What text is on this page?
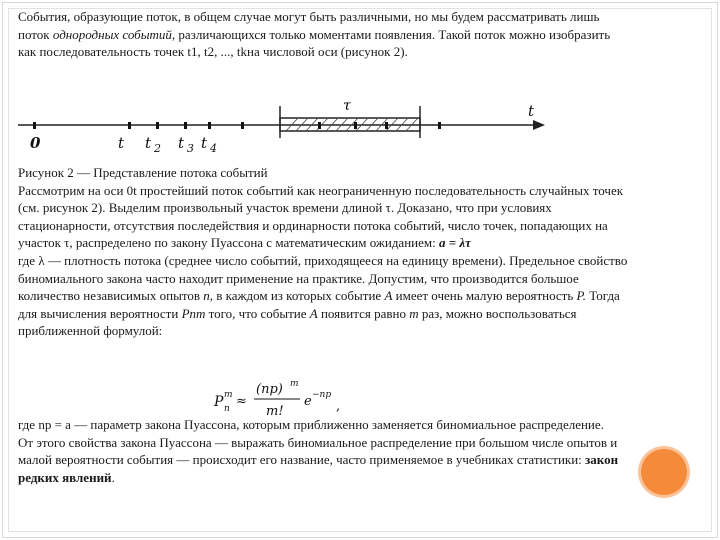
События, образующие поток, в общем случае могут быть различными, но мы будем рассматривать лишь поток однородных событий, различающихся только моментами появления. Такой поток можно изобразить как последовательность точек t1, t2, ..., tkна числовой оси (рисунок 2).

τ
0	t t 2 t 3 t 4
t

Рисунок 2 — Представление потока событий

Рассмотрим на оси 0t простейший поток событий как неограниченную последовательность случайных точек (см. рисунок 2). Выделим произвольный участок времени длиной τ. Доказано, что при условиях стационарности, отсутствия последействия и ординарности потока событий, число точек, попадающих на участок τ, распределено по закону Пуассона с математическим ожиданием: a = λτ

где λ — плотность потока (среднее число событий, приходящееся на единицу времени). Предельное свойство биномиального закона часто находит применение на практике. Допустим, что производится большое количество независимых опытов n, в каждом из которых событие A имеет очень малую вероятность P. Тогда для вычисления вероятности Pnm того, что событие A появится равно m раз, можно воспользоваться приближенной формулой:

P m
n ≈
(np) m
m!
e −np
,

где np = a — параметр закона Пуассона, которым приближенно заменяется биномиальное распределение.

От этого свойства закона Пуассона — выражать биномиальное распределение при большом числе опытов и малой вероятности события — происходит его название, часто применяемое в учебниках статистики: закон редких явлений.
